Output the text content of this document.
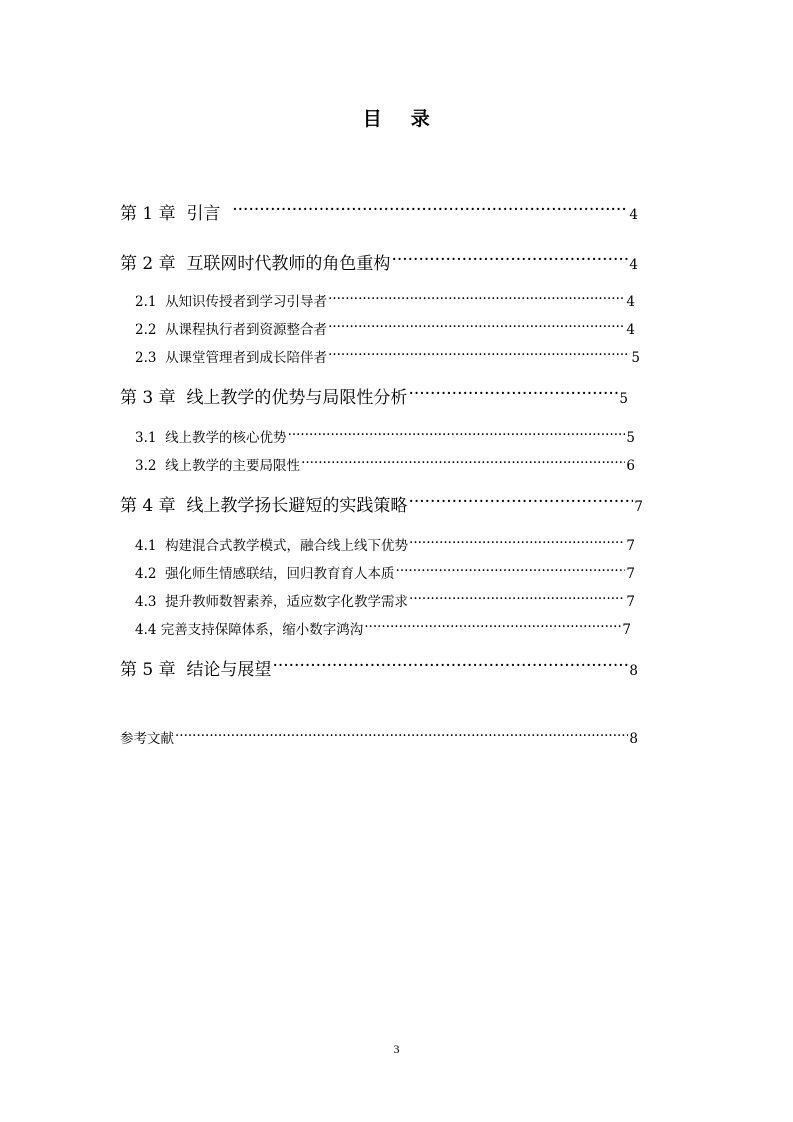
目    录
第 1 章 引言 ·····	4
第 2 章 互联网时代教师的角色重构 ·····	4
2.1 从知识传授者到学习引导者 ·····	4
2.2 从课程执行者到资源整合者 ·····	4
2.3 从课堂管理者到成长陪伴者 ·····	5
第 3 章 线上教学的优势与局限性分析 ·····	5
3.1 线上教学的核心优势 ·····	5
3.2 线上教学的主要局限性 ·····	6
第 4 章 线上教学扬长避短的实践策略 ·····	7
4.1 构建混合式教学模式，融合线上线下优势 ·····	7
4.2 强化师生情感联结，回归教育育人本质 ·····	7
4.3 提升教师数智素养，适应数字化教学需求 ·····	7
4.4 完善支持保障体系，缩小数字鸿沟 ·····	7
第 5 章 结论与展望 ·····	8
参考文献 ·····	8
3
